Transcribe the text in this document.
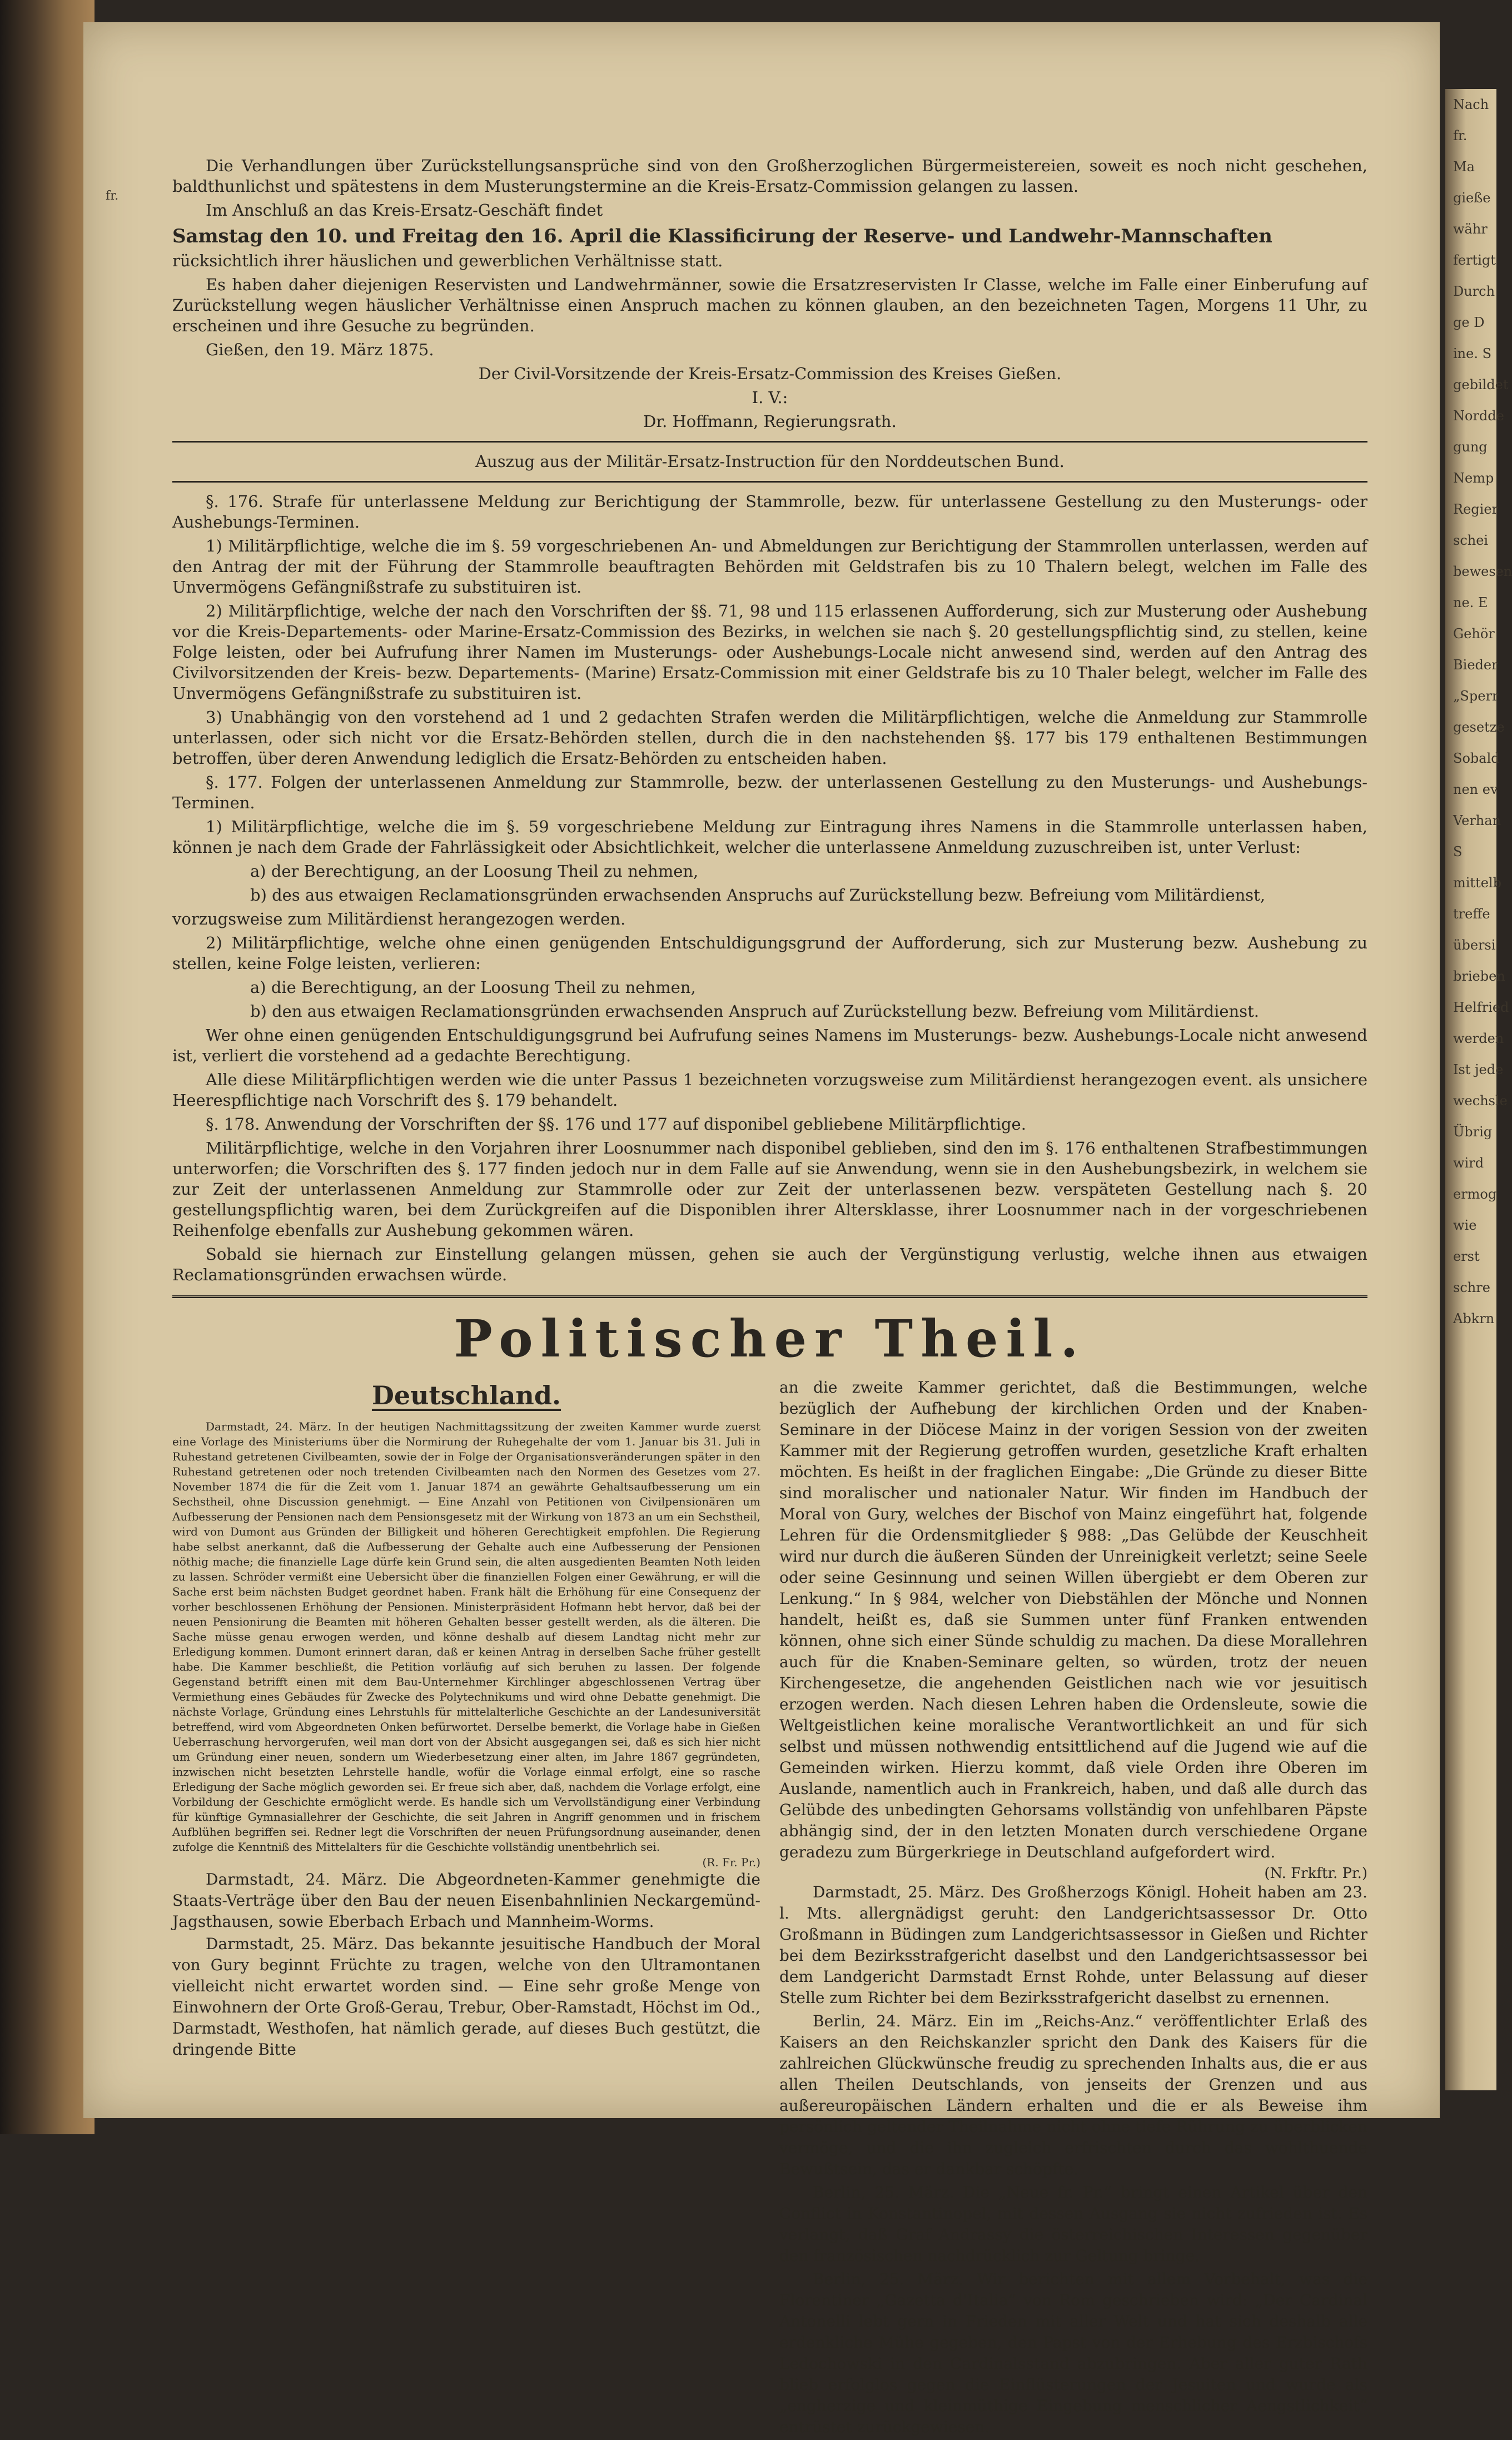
Nach
fr.
Ma
gieße
währ
fertigt
Durch
ge D
ine. S
gebildet
Nordde
gung
Nemp
Regier
schei
bewesen
ne. E
Gehör
Bieder
„Sperr
gesetze
Sobald
nen ev
Verhan
S
mittelb
treffe
übersi
brieben
Helfried
werden
Ist jede
wechsle
Übrig
wird
ermog
wie
erst
schre
Abkrn
fr.

Die Verhandlungen über Zurückstellungsansprüche sind von den Großherzoglichen Bürgermeistereien, soweit es noch nicht geschehen, baldthunlichst und spätestens in dem Musterungstermine an die Kreis-Ersatz-Commission gelangen zu lassen.

Im Anschluß an das Kreis-Ersatz-Geschäft findet

Samstag den 10. und Freitag den 16. April die Klassificirung der Reserve- und Landwehr-Mannschaften

rücksichtlich ihrer häuslichen und gewerblichen Verhältnisse statt.

Es haben daher diejenigen Reservisten und Landwehrmänner, sowie die Ersatzreservisten Ir Classe, welche im Falle einer Einberufung auf Zurückstellung wegen häuslicher Verhältnisse einen Anspruch machen zu können glauben, an den bezeichneten Tagen, Morgens 11 Uhr, zu erscheinen und ihre Gesuche zu begründen.

Gießen, den 19. März 1875.

Der Civil-Vorsitzende der Kreis-Ersatz-Commission des Kreises Gießen.

I. V.:

Dr. Hoffmann, Regierungsrath.

Auszug aus der Militär-Ersatz-Instruction für den Norddeutschen Bund.

§. 176. Strafe für unterlassene Meldung zur Berichtigung der Stammrolle, bezw. für unterlassene Gestellung zu den Musterungs- oder Aushebungs-Terminen.

1) Militärpflichtige, welche die im §. 59 vorgeschriebenen An- und Abmeldungen zur Berichtigung der Stammrollen unterlassen, werden auf den Antrag der mit der Führung der Stammrolle beauftragten Behörden mit Geldstrafen bis zu 10 Thalern belegt, welchen im Falle des Unvermögens Gefängnißstrafe zu substituiren ist.

2) Militärpflichtige, welche der nach den Vorschriften der §§. 71, 98 und 115 erlassenen Aufforderung, sich zur Musterung oder Aushebung vor die Kreis-Departements- oder Marine-Ersatz-Commission des Bezirks, in welchen sie nach §. 20 gestellungspflichtig sind, zu stellen, keine Folge leisten, oder bei Aufrufung ihrer Namen im Musterungs- oder Aushebungs-Locale nicht anwesend sind, werden auf den Antrag des Civilvorsitzenden der Kreis- bezw. Departements- (Marine) Ersatz-Commission mit einer Geldstrafe bis zu 10 Thaler belegt, welcher im Falle des Unvermögens Gefängnißstrafe zu substituiren ist.

3) Unabhängig von den vorstehend ad 1 und 2 gedachten Strafen werden die Militärpflichtigen, welche die Anmeldung zur Stammrolle unterlassen, oder sich nicht vor die Ersatz-Behörden stellen, durch die in den nachstehenden §§. 177 bis 179 enthaltenen Bestimmungen betroffen, über deren Anwendung lediglich die Ersatz-Behörden zu entscheiden haben.

§. 177. Folgen der unterlassenen Anmeldung zur Stammrolle, bezw. der unterlassenen Gestellung zu den Musterungs- und Aushebungs-Terminen.

1) Militärpflichtige, welche die im §. 59 vorgeschriebene Meldung zur Eintragung ihres Namens in die Stammrolle unterlassen haben, können je nach dem Grade der Fahrlässigkeit oder Absichtlichkeit, welcher die unterlassene Anmeldung zuzuschreiben ist, unter Verlust:

a) der Berechtigung, an der Loosung Theil zu nehmen,

b) des aus etwaigen Reclamationsgründen erwachsenden Anspruchs auf Zurückstellung bezw. Befreiung vom Militärdienst,

vorzugsweise zum Militärdienst herangezogen werden.

2) Militärpflichtige, welche ohne einen genügenden Entschuldigungsgrund der Aufforderung, sich zur Musterung bezw. Aushebung zu stellen, keine Folge leisten, verlieren:

a) die Berechtigung, an der Loosung Theil zu nehmen,

b) den aus etwaigen Reclamationsgründen erwachsenden Anspruch auf Zurückstellung bezw. Befreiung vom Militärdienst.

Wer ohne einen genügenden Entschuldigungsgrund bei Aufrufung seines Namens im Musterungs- bezw. Aushebungs-Locale nicht anwesend ist, verliert die vorstehend ad a gedachte Berechtigung.

Alle diese Militärpflichtigen werden wie die unter Passus 1 bezeichneten vorzugsweise zum Militärdienst herangezogen event. als unsichere Heerespflichtige nach Vorschrift des §. 179 behandelt.

§. 178. Anwendung der Vorschriften der §§. 176 und 177 auf disponibel gebliebene Militärpflichtige.

Militärpflichtige, welche in den Vorjahren ihrer Loosnummer nach disponibel geblieben, sind den im §. 176 enthaltenen Strafbestimmungen unterworfen; die Vorschriften des §. 177 finden jedoch nur in dem Falle auf sie Anwendung, wenn sie in den Aushebungsbezirk, in welchem sie zur Zeit der unterlassenen Anmeldung zur Stammrolle oder zur Zeit der unterlassenen bezw. verspäteten Gestellung nach §. 20 gestellungspflichtig waren, bei dem Zurückgreifen auf die Disponiblen ihrer Altersklasse, ihrer Loosnummer nach in der vorgeschriebenen Reihenfolge ebenfalls zur Aushebung gekommen wären.

Sobald sie hiernach zur Einstellung gelangen müssen, gehen sie auch der Vergünstigung verlustig, welche ihnen aus etwaigen Reclamationsgründen erwachsen würde.

Politischer Theil.
Deutschland.

Darmstadt, 24. März. In der heutigen Nachmittagssitzung der zweiten Kammer wurde zuerst eine Vorlage des Ministeriums über die Normirung der Ruhegehalte der vom 1. Januar bis 31. Juli in Ruhestand getretenen Civilbeamten, sowie der in Folge der Organisationsveränderungen später in den Ruhestand getretenen oder noch tretenden Civilbeamten nach den Normen des Gesetzes vom 27. November 1874 die für die Zeit vom 1. Januar 1874 an gewährte Gehaltsaufbesserung um ein Sechstheil, ohne Discussion genehmigt. — Eine Anzahl von Petitionen von Civilpensionären um Aufbesserung der Pensionen nach dem Pensionsgesetz mit der Wirkung von 1873 an um ein Sechstheil, wird von Dumont aus Gründen der Billigkeit und höheren Gerechtigkeit empfohlen. Die Regierung habe selbst anerkannt, daß die Aufbesserung der Gehalte auch eine Aufbesserung der Pensionen nöthig mache; die finanzielle Lage dürfe kein Grund sein, die alten ausgedienten Beamten Noth leiden zu lassen. Schröder vermißt eine Uebersicht über die finanziellen Folgen einer Gewährung, er will die Sache erst beim nächsten Budget geordnet haben. Frank hält die Erhöhung für eine Consequenz der vorher beschlossenen Erhöhung der Pensionen. Ministerpräsident Hofmann hebt hervor, daß bei der neuen Pensionirung die Beamten mit höheren Gehalten besser gestellt werden, als die älteren. Die Sache müsse genau erwogen werden, und könne deshalb auf diesem Landtag nicht mehr zur Erledigung kommen. Dumont erinnert daran, daß er keinen Antrag in derselben Sache früher gestellt habe. Die Kammer beschließt, die Petition vorläufig auf sich beruhen zu lassen. Der folgende Gegenstand betrifft einen mit dem Bau-Unternehmer Kirchlinger abgeschlossenen Vertrag über Vermiethung eines Gebäudes für Zwecke des Polytechnikums und wird ohne Debatte genehmigt. Die nächste Vorlage, Gründung eines Lehrstuhls für mittelalterliche Geschichte an der Landesuniversität betreffend, wird vom Abgeordneten Onken befürwortet. Derselbe bemerkt, die Vorlage habe in Gießen Ueberraschung hervorgerufen, weil man dort von der Absicht ausgegangen sei, daß es sich hier nicht um Gründung einer neuen, sondern um Wiederbesetzung einer alten, im Jahre 1867 gegründeten, inzwischen nicht besetzten Lehrstelle handle, wofür die Vorlage einmal erfolgt, eine so rasche Erledigung der Sache möglich geworden sei. Er freue sich aber, daß, nachdem die Vorlage erfolgt, eine Vorbildung der Geschichte ermöglicht werde. Es handle sich um Vervollständigung einer Verbindung für künftige Gymnasiallehrer der Geschichte, die seit Jahren in Angriff genommen und in frischem Aufblühen begriffen sei. Redner legt die Vorschriften der neuen Prüfungsordnung auseinander, denen zufolge die Kenntniß des Mittelalters für die Geschichte vollständig unentbehrlich sei.

(R. Fr. Pr.)

Darmstadt, 24. März. Die Abgeordneten-Kammer genehmigte die Staats-Verträge über den Bau der neuen Eisenbahnlinien Neckargemünd-Jagsthausen, sowie Eberbach Erbach und Mannheim-Worms.

Darmstadt, 25. März. Das bekannte jesuitische Handbuch der Moral von Gury beginnt Früchte zu tragen, welche von den Ultramontanen vielleicht nicht erwartet worden sind. — Eine sehr große Menge von Einwohnern der Orte Groß-Gerau, Trebur, Ober-Ramstadt, Höchst im Od., Darmstadt, Westhofen, hat nämlich gerade, auf dieses Buch gestützt, die dringende Bitte

an die zweite Kammer gerichtet, daß die Bestimmungen, welche bezüglich der Aufhebung der kirchlichen Orden und der Knaben-Seminare in der Diöcese Mainz in der vorigen Session von der zweiten Kammer mit der Regierung getroffen wurden, gesetzliche Kraft erhalten möchten. Es heißt in der fraglichen Eingabe: „Die Gründe zu dieser Bitte sind moralischer und nationaler Natur. Wir finden im Handbuch der Moral von Gury, welches der Bischof von Mainz eingeführt hat, folgende Lehren für die Ordensmitglieder § 988: „Das Gelübde der Keuschheit wird nur durch die äußeren Sünden der Unreinigkeit verletzt; seine Seele oder seine Gesinnung und seinen Willen übergiebt er dem Oberen zur Lenkung.“ In § 984, welcher von Diebstählen der Mönche und Nonnen handelt, heißt es, daß sie Summen unter fünf Franken entwenden können, ohne sich einer Sünde schuldig zu machen. Da diese Morallehren auch für die Knaben-Seminare gelten, so würden, trotz der neuen Kirchengesetze, die angehenden Geistlichen nach wie vor jesuitisch erzogen werden. Nach diesen Lehren haben die Ordensleute, sowie die Weltgeistlichen keine moralische Verantwortlichkeit an und für sich selbst und müssen nothwendig entsittlichend auf die Jugend wie auf die Gemeinden wirken. Hierzu kommt, daß viele Orden ihre Oberen im Auslande, namentlich auch in Frankreich, haben, und daß alle durch das Gelübde des unbedingten Gehorsams vollständig von unfehlbaren Päpste abhängig sind, der in den letzten Monaten durch verschiedene Organe geradezu zum Bürgerkriege in Deutschland aufgefordert wird.

(N. Frkftr. Pr.)

Darmstadt, 25. März. Des Großherzogs Königl. Hoheit haben am 23. l. Mts. allergnädigst geruht: den Landgerichtsassessor Dr. Otto Großmann in Büdingen zum Landgerichtsassessor in Gießen und Richter bei dem Bezirksstrafgericht daselbst und den Landgerichtsassessor bei dem Landgericht Darmstadt Ernst Rohde, unter Belassung auf dieser Stelle zum Richter bei dem Bezirksstrafgericht daselbst zu ernennen.

Berlin, 24. März. Ein im „Reichs-Anz.“ veröffentlichter Erlaß des Kaisers an den Reichskanzler spricht den Dank des Kaisers für die zahlreichen Glückwünsche freudig zu sprechenden Inhalts aus, die er aus allen Theilen Deutschlands, von jenseits der Grenzen und aus außereuropäischen Ländern erhalten und die er als Beweise ihm persönlich geltender Theilnahme nicht ohne tiefe Rührung zu überblicken vermöge, und die ihn zugleich erfrischten durch das wohlthuende Bewußtsein, das er dankbar schöpfte.

Berlin, 25. März. Die „Neue fr. Pr.“ bringt einen Artikel über den Conflict in Konstantinopel, mit dessen Ausgang sie nicht zufrieden ist. Es verlangt, daß Graf Andrassy die österreichischen Interessen gegenüber den französischen nachdrücklich zur Geltung bringe.

Berlin, 25. März. Wir berichten mit allem Vorbehalt, was die Florentiner „Gazetta d'Italia“ von Rom geschrieben wird: „Der Cardinal Antonelli lebt gern in Frieden mit aller Welt und hat sich deshalb alle erdenkliche Mühe gegeben, den Papst von der Erhebung des Erzbischofs Ledochowski in den Cardinalsstand abzubringen. Aber aller guter Rath blieb erfolglos gegen die Einflüsterungen der Jesuiten und wurde als „engherzige und kleinmüthige Eingebung menschlicher Aengstlichkeit“ entrüstet zurückgewiesen.
